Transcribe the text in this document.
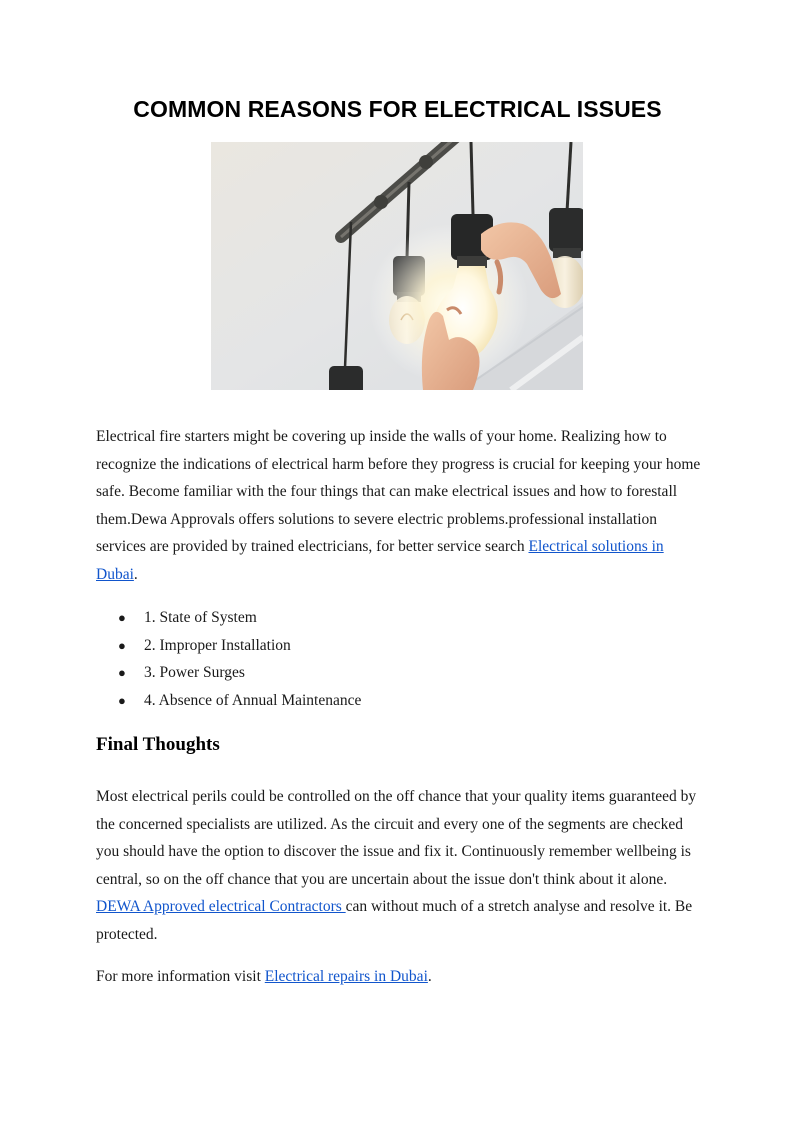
COMMON REASONS FOR ELECTRICAL ISSUES

Electrical fire starters might be covering up inside the walls of your home. Realizing how to recognize the indications of electrical harm before they progress is crucial for keeping your home safe. Become familiar with the four things that can make electrical issues and how to forestall them.Dewa Approvals offers solutions to severe electric problems.professional installation services are provided by trained electricians, for better service search Electrical solutions in Dubai.

● 1. State of System
● 2. Improper Installation
● 3. Power Surges
● 4. Absence of Annual Maintenance
Final Thoughts

Most electrical perils could be controlled on the off chance that your quality items guaranteed by the concerned specialists are utilized. As the circuit and every one of the segments are checked you should have the option to discover the issue and fix it. Continuously remember wellbeing is central, so on the off chance that you are uncertain about the issue don't think about it alone. DEWA Approved electrical Contractors can without much of a stretch analyse and resolve it. Be protected.

For more information visit Electrical repairs in Dubai.
